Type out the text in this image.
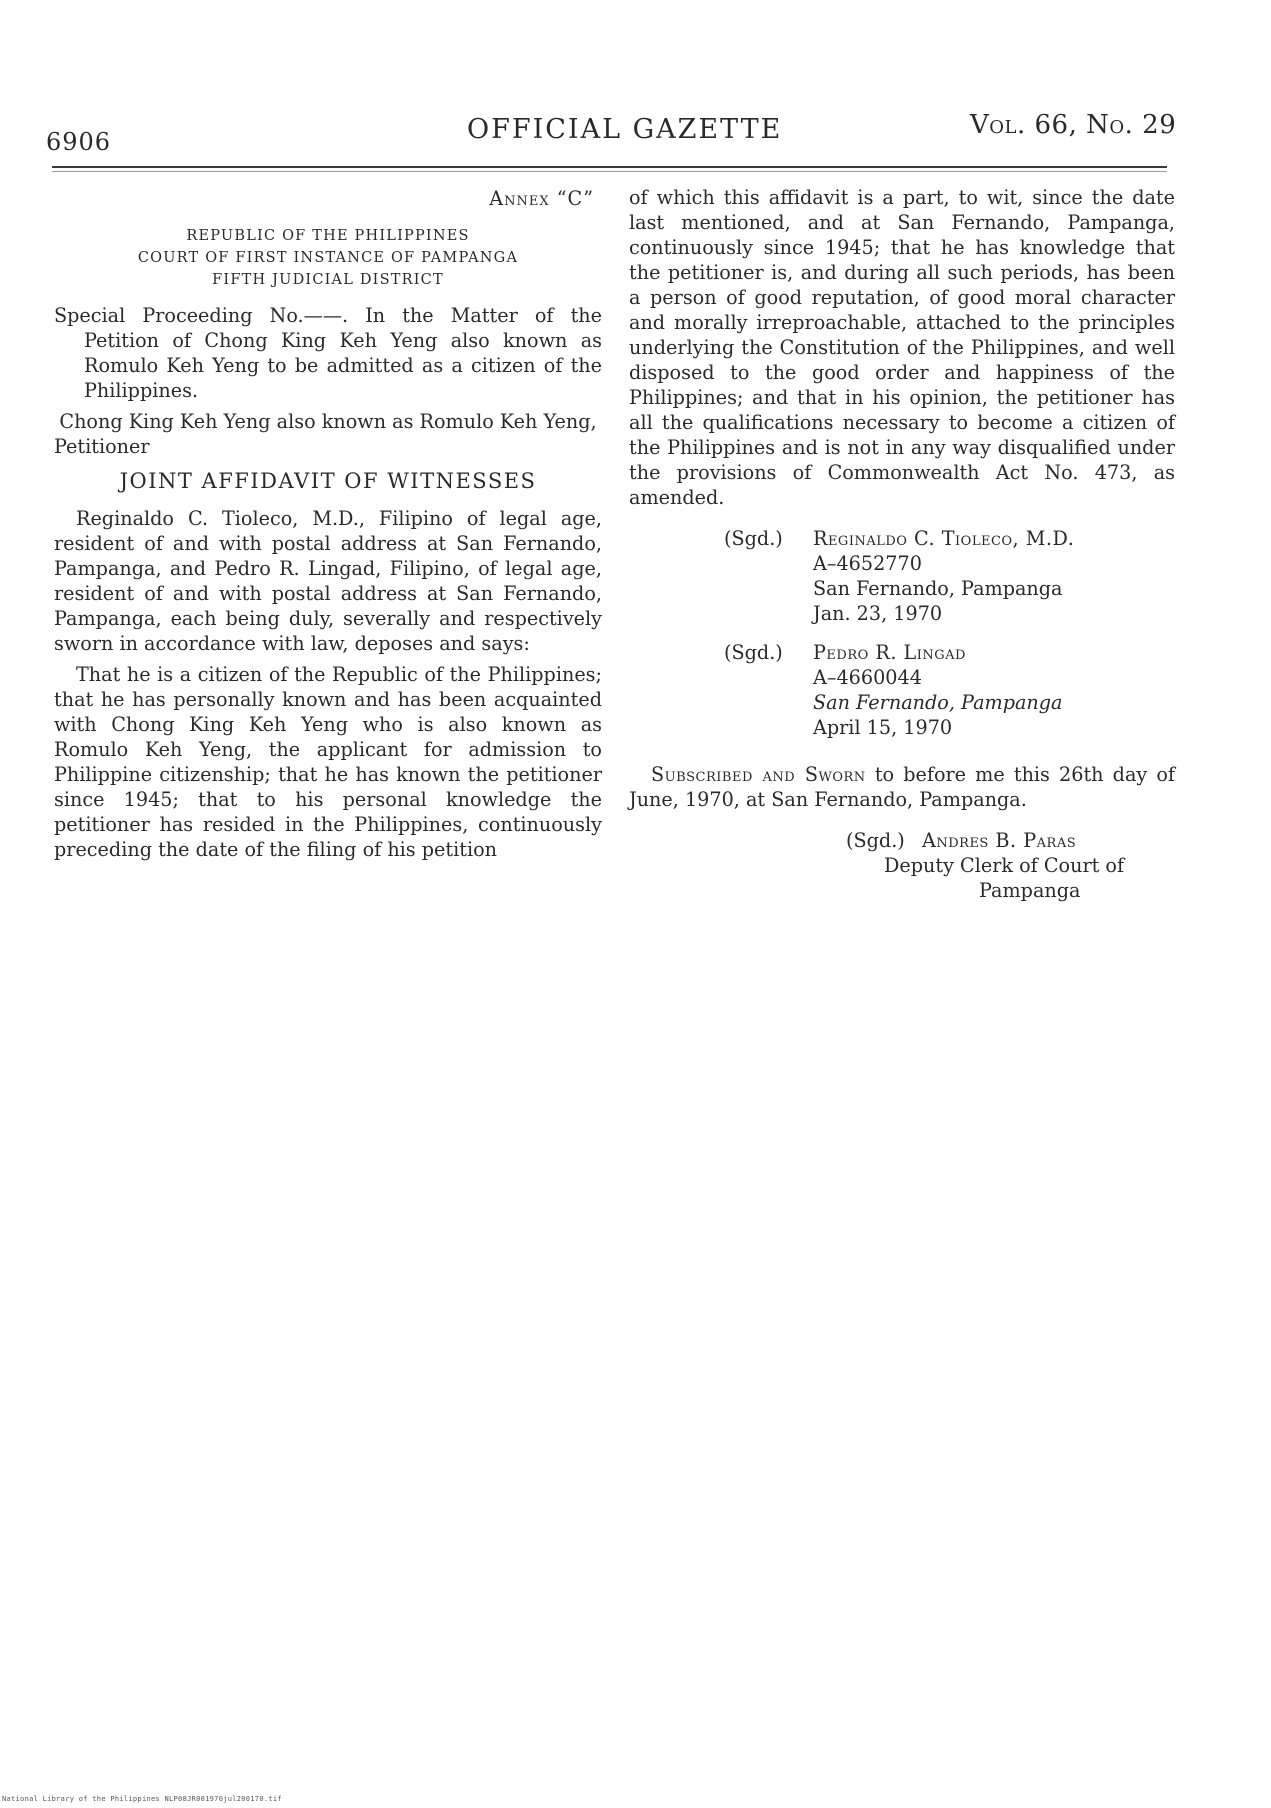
6906	OFFICIAL GAZETTE	Vol. 66, No. 29

Annex “C”

REPUBLIC OF THE PHILIPPINES
COURT OF FIRST INSTANCE OF PAMPANGA
FIFTH JUDICIAL DISTRICT

Special Proceeding No.——. In the Matter of the Petition of Chong King Keh Yeng also known as Romulo Keh Yeng to be admitted as a citizen of the Philippines.

Chong King Keh Yeng also known as Romulo Keh Yeng, Petitioner

JOINT AFFIDAVIT OF WITNESSES

Reginaldo C. Tioleco, M.D., Filipino of legal age, resident of and with postal address at San Fernando, Pampanga, and Pedro R. Lingad, Filipino, of legal age, resident of and with postal address at San Fernando, Pampanga, each being duly, severally and respectively sworn in accordance with law, deposes and says:

That he is a citizen of the Republic of the Philippines; that he has personally known and has been acquainted with Chong King Keh Yeng who is also known as Romulo Keh Yeng, the applicant for admission to Philippine citizenship; that he has known the petitioner since 1945; that to his personal knowledge the petitioner has resided in the Philippines, continuously preceding the date of the filing of his petition

of which this affidavit is a part, to wit, since the date last mentioned, and at San Fernando, Pampanga, continuously since 1945; that he has knowledge that the petitioner is, and during all such periods, has been a person of good reputation, of good moral character and morally irreproachable, attached to the principles underlying the Constitution of the Philippines, and well disposed to the good order and happiness of the Philippines; and that in his opinion, the petitioner has all the qualifications necessary to become a citizen of the Philippines and is not in any way disqualified under the provisions of Commonwealth Act No. 473, as amended.

(Sgd.) Reginaldo C. Tioleco, M.D.
A–4652770
San Fernando, Pampanga
Jan. 23, 1970
(Sgd.) Pedro R. Lingad
A–4660044
San Fernando, Pampanga
April 15, 1970

Subscribed and Sworn to before me this 26th day of June, 1970, at San Fernando, Pampanga.

(Sgd.) Andres B. Paras
Deputy Clerk of Court of
Pampanga
National Library of the Philippines NLP08JR001970jul200170.tif
